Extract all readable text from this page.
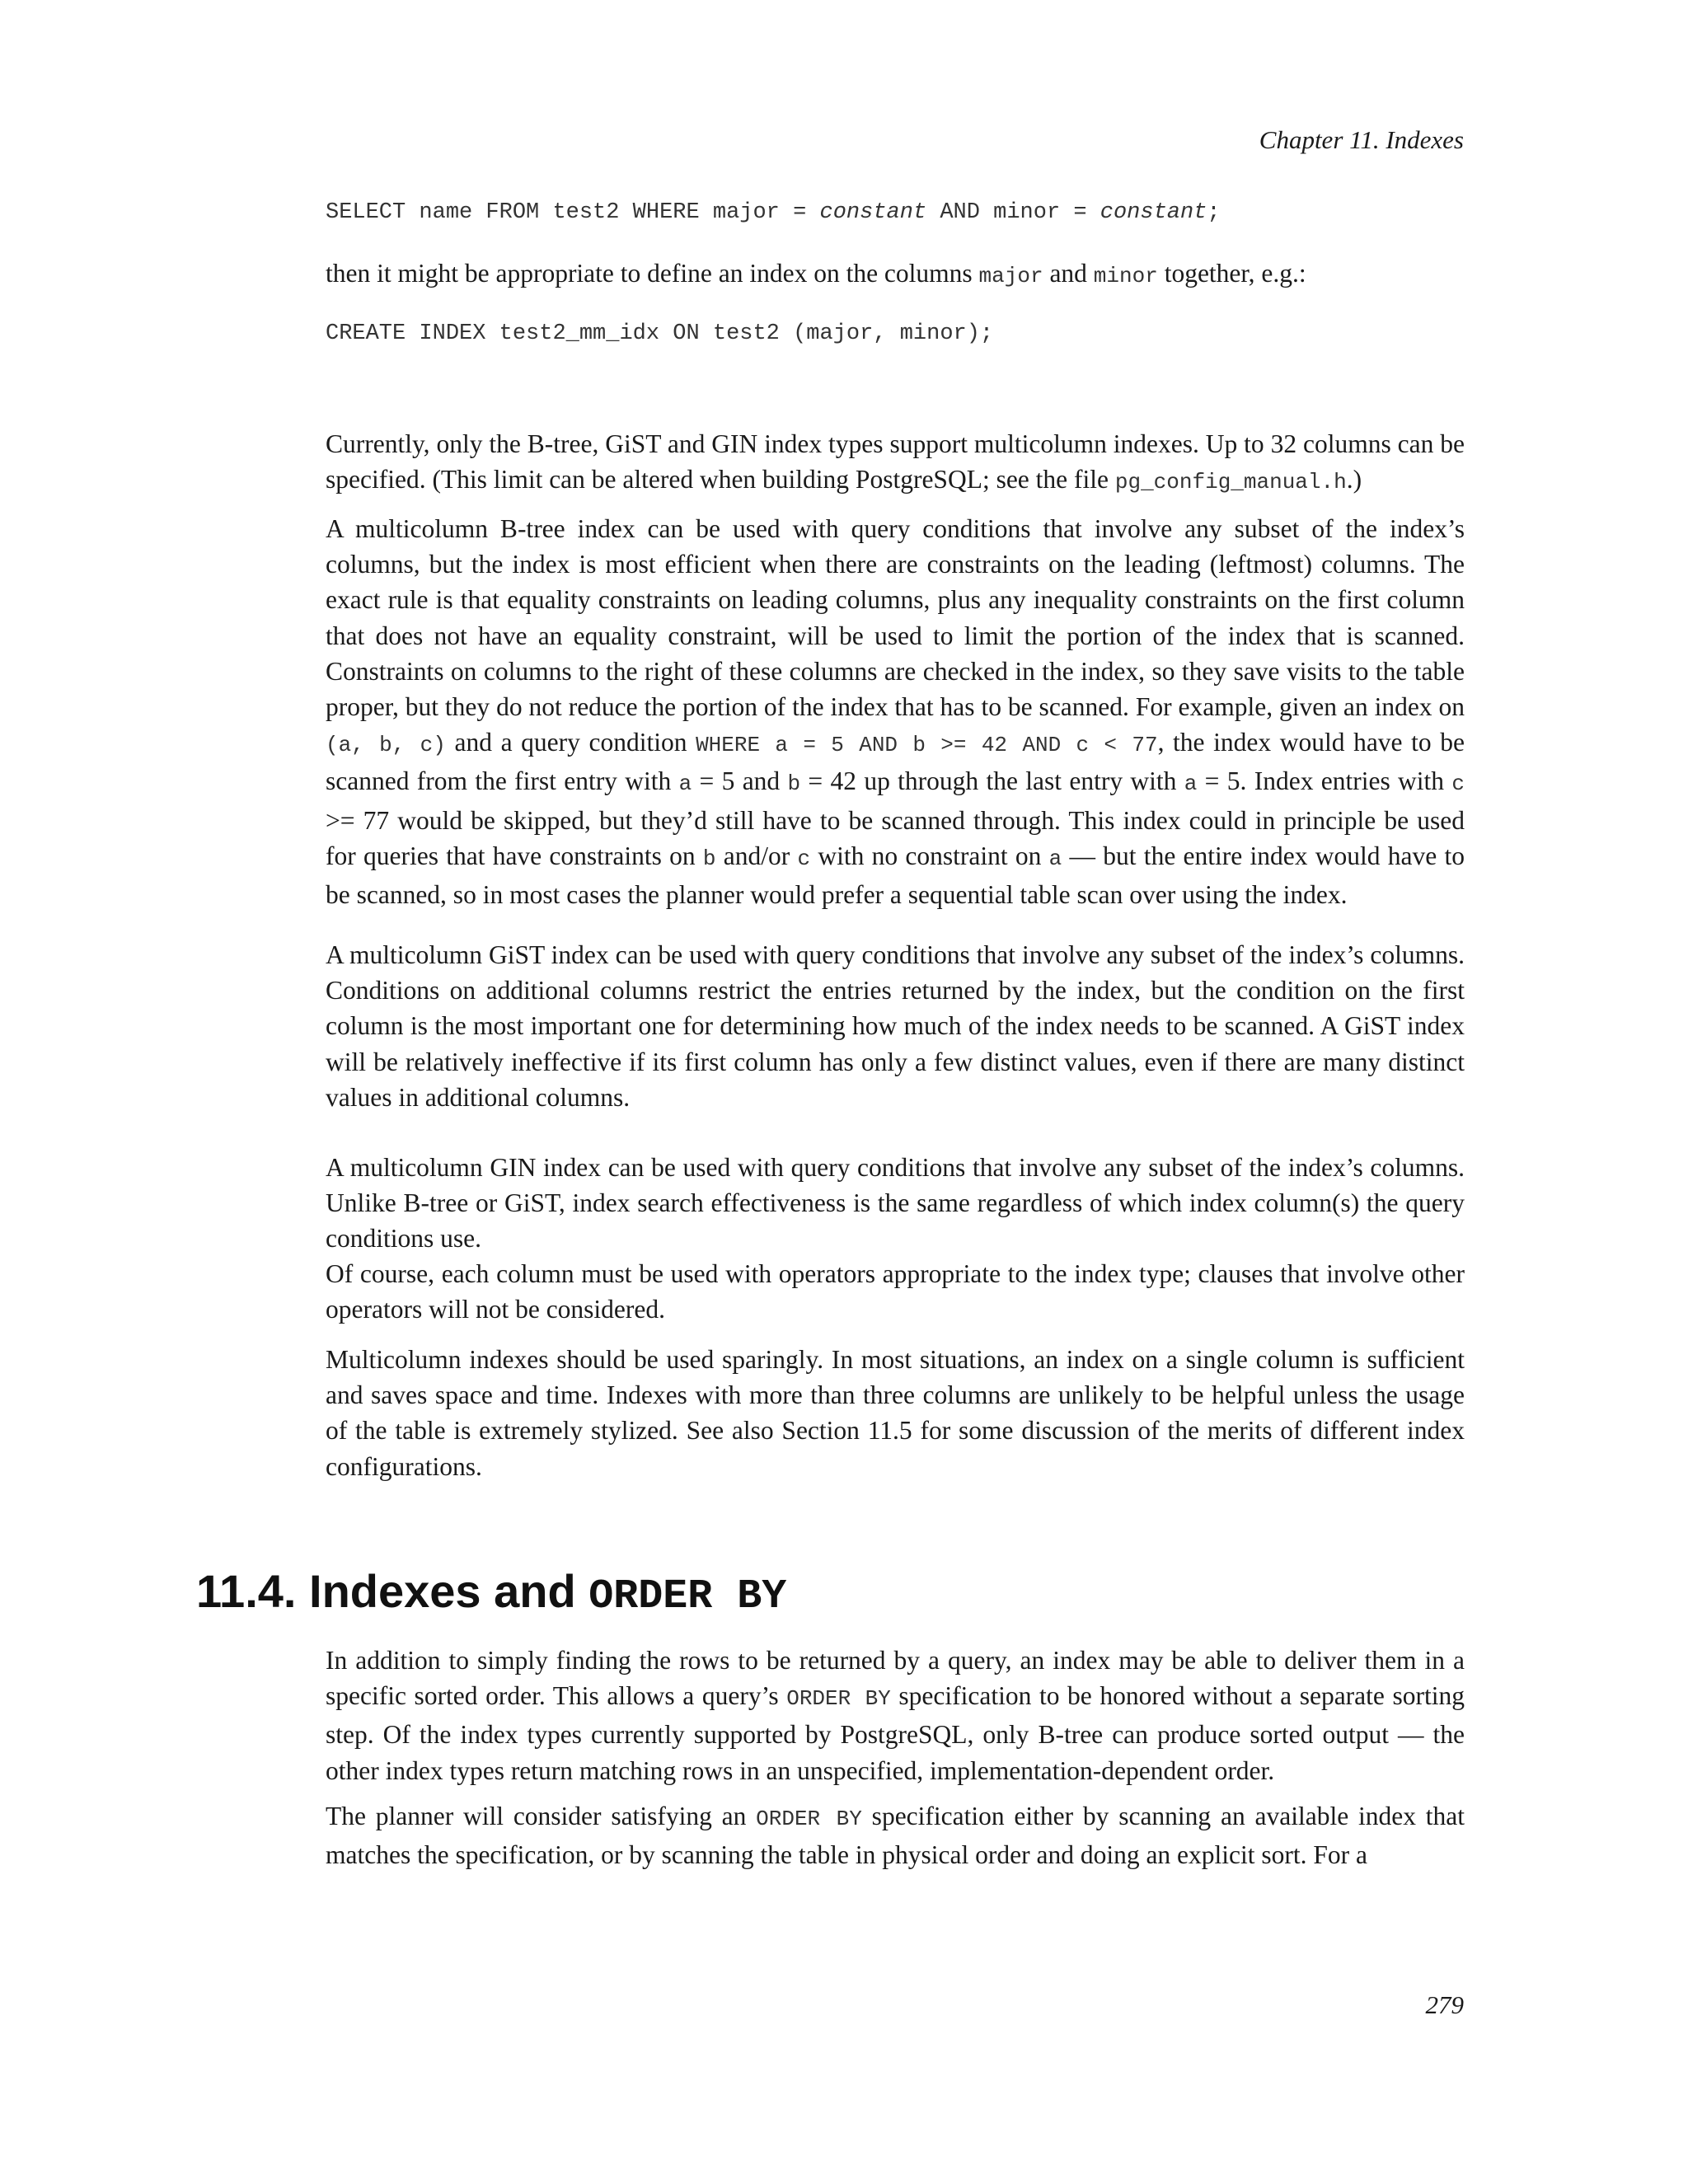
Chapter 11. Indexes
SELECT name FROM test2 WHERE major = constant AND minor = constant;

then it might be appropriate to define an index on the columns major and minor together, e.g.:

CREATE INDEX test2_mm_idx ON test2 (major, minor);

Currently, only the B-tree, GiST and GIN index types support multicolumn indexes. Up to 32 columns can be specified. (This limit can be altered when building PostgreSQL; see the file pg_config_manual.h.)

A multicolumn B-tree index can be used with query conditions that involve any subset of the index’s columns, but the index is most efficient when there are constraints on the leading (leftmost) columns. The exact rule is that equality constraints on leading columns, plus any inequality constraints on the first column that does not have an equality constraint, will be used to limit the portion of the index that is scanned. Constraints on columns to the right of these columns are checked in the index, so they save visits to the table proper, but they do not reduce the portion of the index that has to be scanned. For example, given an index on (a, b, c) and a query condition WHERE a = 5 AND b >= 42 AND c < 77, the index would have to be scanned from the first entry with a = 5 and b = 42 up through the last entry with a = 5. Index entries with c >= 77 would be skipped, but they’d still have to be scanned through. This index could in principle be used for queries that have constraints on b and/or c with no constraint on a — but the entire index would have to be scanned, so in most cases the planner would prefer a sequential table scan over using the index.

A multicolumn GiST index can be used with query conditions that involve any subset of the index’s columns. Conditions on additional columns restrict the entries returned by the index, but the condition on the first column is the most important one for determining how much of the index needs to be scanned. A GiST index will be relatively ineffective if its first column has only a few distinct values, even if there are many distinct values in additional columns.

A multicolumn GIN index can be used with query conditions that involve any subset of the index’s columns. Unlike B-tree or GiST, index search effectiveness is the same regardless of which index column(s) the query conditions use.

Of course, each column must be used with operators appropriate to the index type; clauses that involve other operators will not be considered.

Multicolumn indexes should be used sparingly. In most situations, an index on a single column is sufficient and saves space and time. Indexes with more than three columns are unlikely to be helpful unless the usage of the table is extremely stylized. See also Section 11.5 for some discussion of the merits of different index configurations.

11.4. Indexes and ORDER BY

In addition to simply finding the rows to be returned by a query, an index may be able to deliver them in a specific sorted order. This allows a query’s ORDER BY specification to be honored without a separate sorting step. Of the index types currently supported by PostgreSQL, only B-tree can produce sorted output — the other index types return matching rows in an unspecified, implementation-dependent order.

The planner will consider satisfying an ORDER BY specification either by scanning an available index that matches the specification, or by scanning the table in physical order and doing an explicit sort. For a

279
